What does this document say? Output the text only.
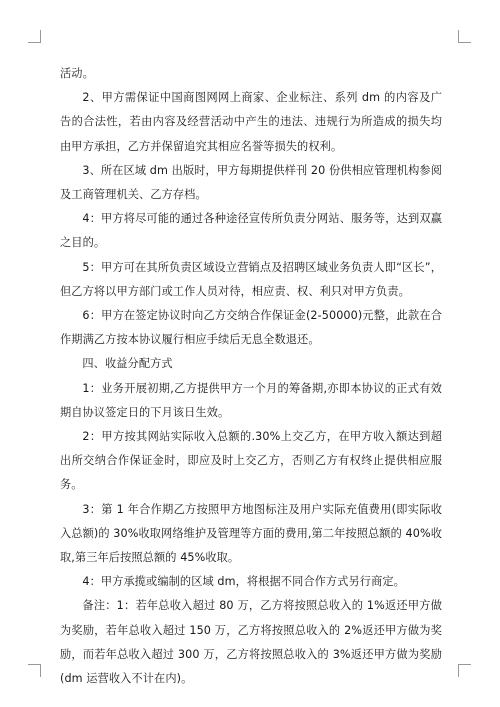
活动。

2、甲方需保证中国商图网网上商家、企业标注、系列 dm 的内容及广告的合法性，若由内容及经营活动中产生的违法、违规行为所造成的损失均由甲方承担，乙方并保留追究其相应名誉等损失的权利。

3、所在区域 dm 出版时，甲方每期提供样刊 20 份供相应管理机构参阅及工商管理机关、乙方存档。

4：甲方将尽可能的通过各种途径宣传所负责分网站、服务等，达到双赢之目的。

5：甲方可在其所负责区域设立营销点及招聘区域业务负责人即“区长”，但乙方将以甲方部门或工作人员对待，相应责、权、利只对甲方负责。

6：甲方在签定协议时向乙方交纳合作保证金(2-50000)元整，此款在合作期满乙方按本协议履行相应手续后无息全数退还。

四、收益分配方式

1：业务开展初期,乙方提供甲方一个月的筹备期,亦即本协议的正式有效期自协议签定日的下月该日生效。

2：甲方按其网站实际收入总额的.30%上交乙方，在甲方收入额达到超出所交纳合作保证金时，即应及时上交乙方，否则乙方有权终止提供相应服务。

3：第 1 年合作期乙方按照甲方地图标注及用户实际充值费用(即实际收入总额)的 30%收取网络维护及管理等方面的费用,第二年按照总额的 40%收取,第三年后按照总额的 45%收取。

4：甲方承揽或编制的区域 dm，将根据不同合作方式另行商定。

备注：1：若年总收入超过 80 万，乙方将按照总收入的 1%返还甲方做为奖励，若年总收入超过 150 万，乙方将按照总收入的 2%返还甲方做为奖励，而若年总收入超过 300 万，乙方将按照总收入的 3%返还甲方做为奖励(dm 运营收入不计在内)。
